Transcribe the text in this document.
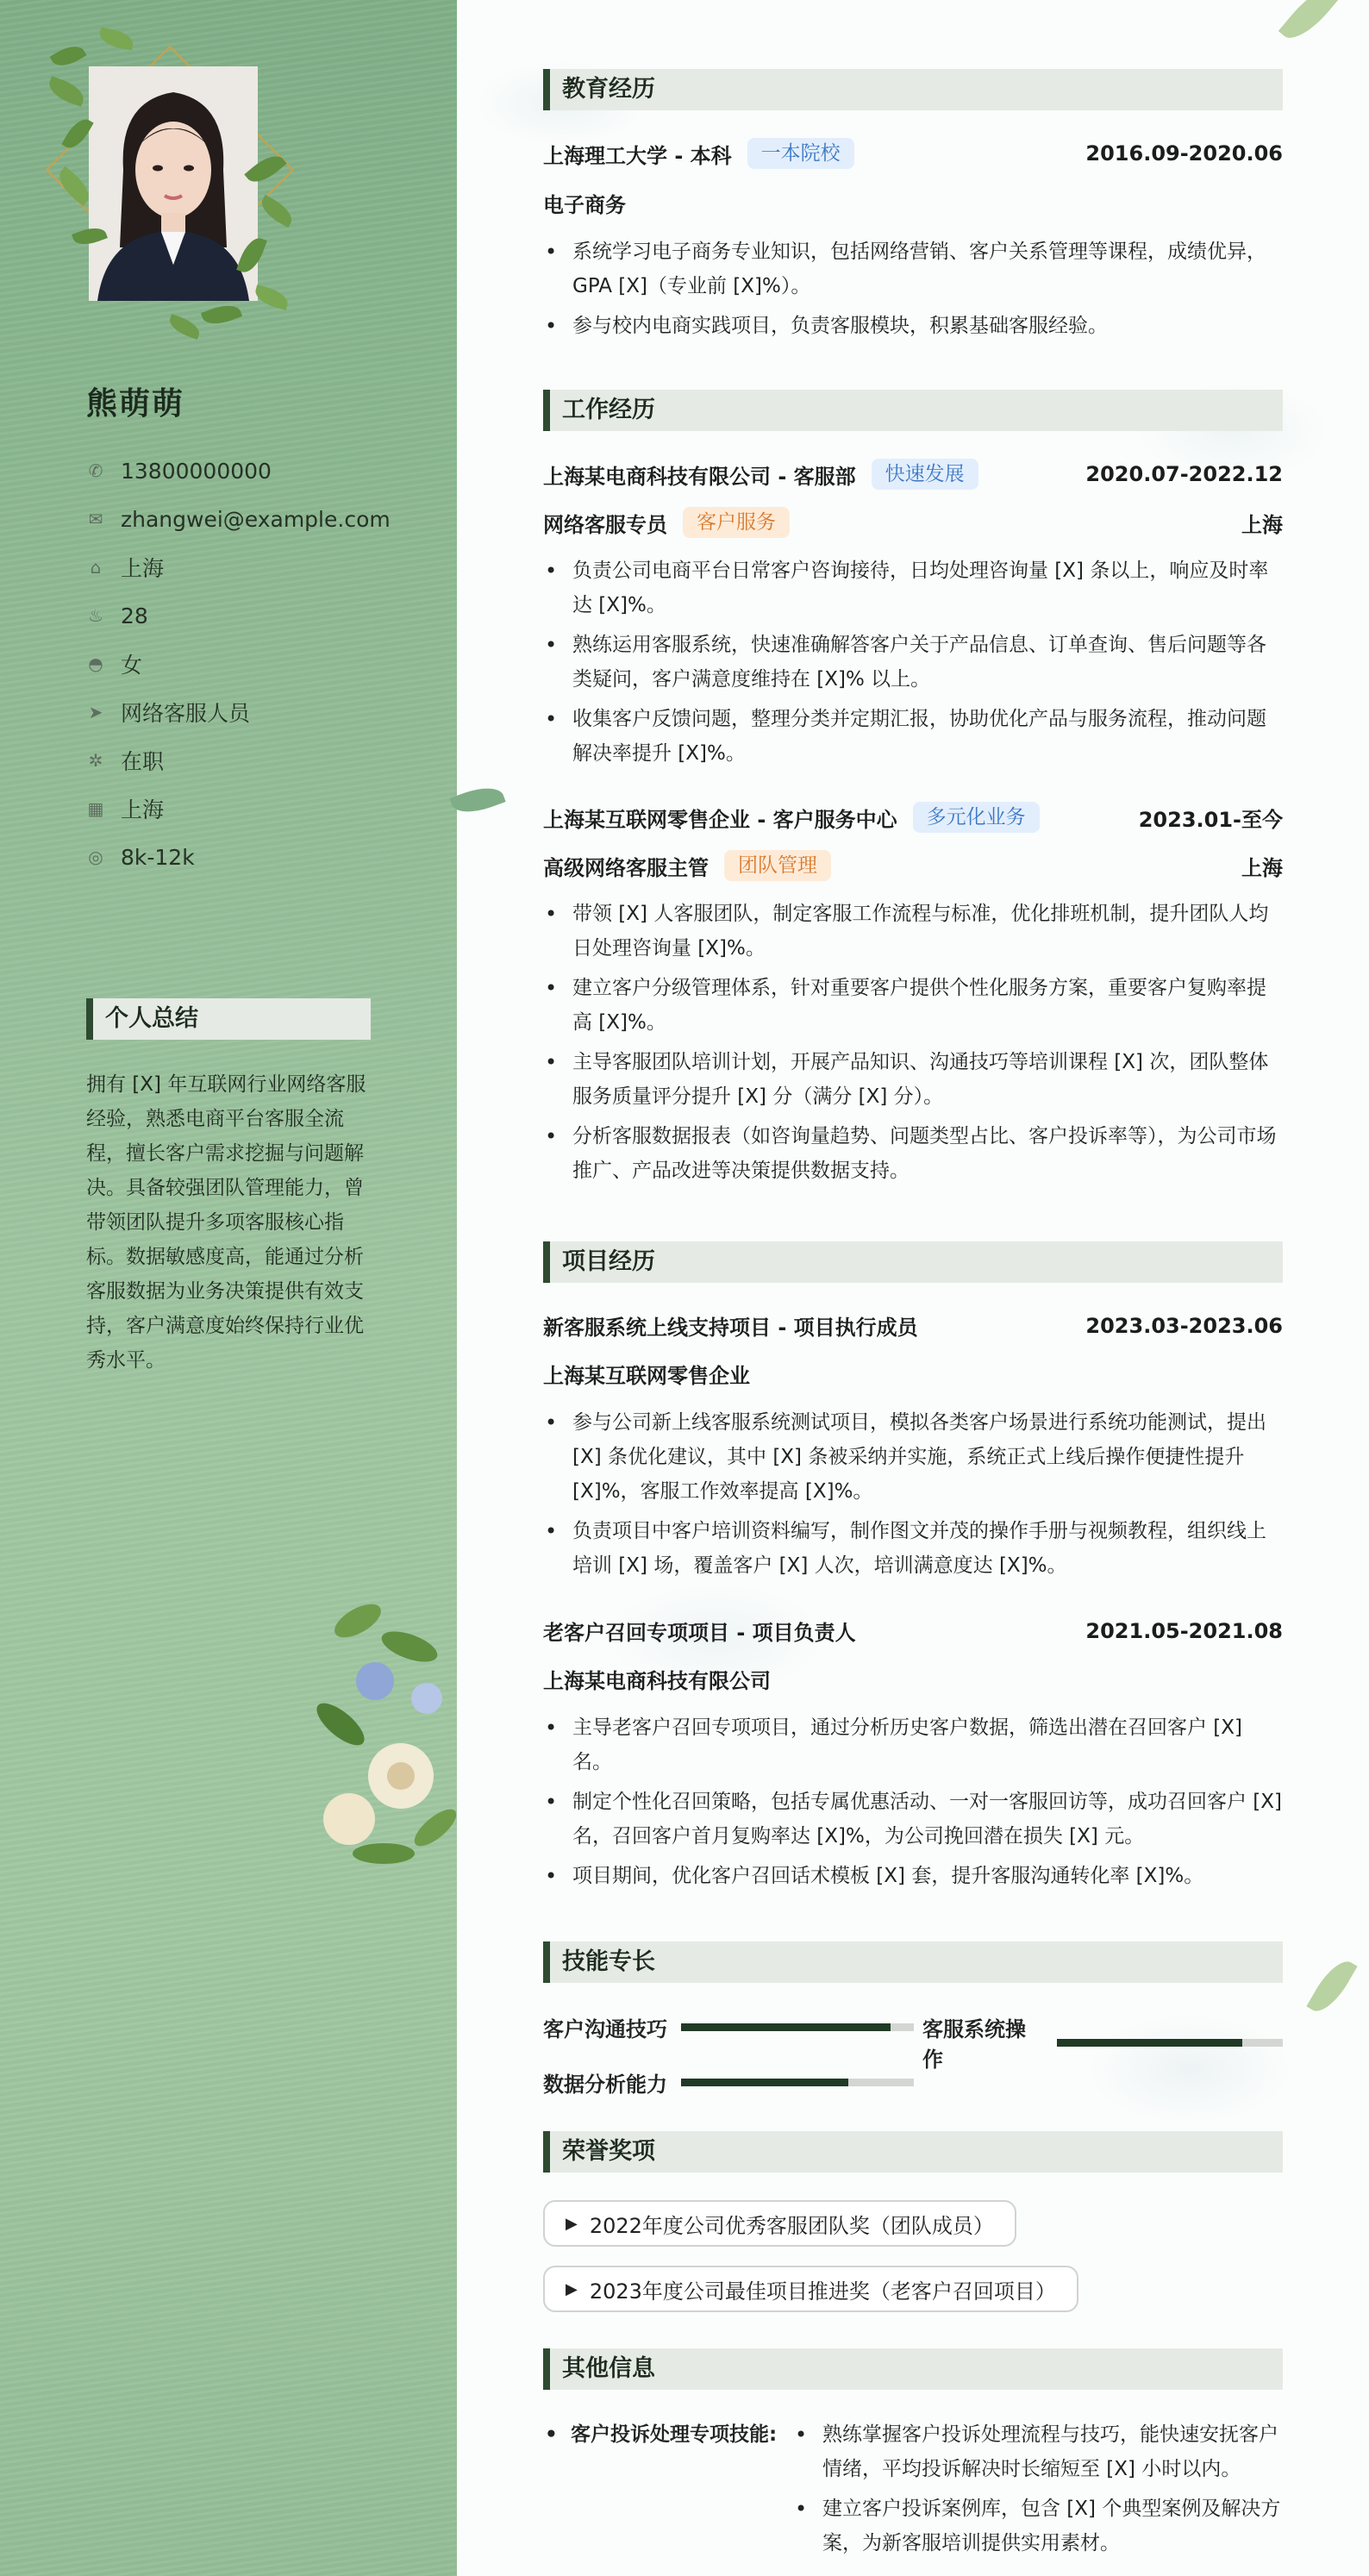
熊萌萌
✆ 13800000000
✉ zhangwei@example.com
⌂ 上海
♨ 28
◓ 女
➤ 网络客服人员
✲ 在职
▦ 上海
◎ 8k-12k
个人总结
拥有 [X] 年互联网行业网络客服经验，熟悉电商平台客服全流程，擅长客户需求挖掘与问题解决。具备较强团队管理能力，曾带领团队提升多项客服核心指标。数据敏感度高，能通过分析客服数据为业务决策提供有效支持，客户满意度始终保持行业优秀水平。
教育经历
上海理工大学 - 本科	一本院校	2016.09-2020.06
电子商务
• 系统学习电子商务专业知识，包括网络营销、客户关系管理等课程，成绩优异，GPA [X]（专业前 [X]%）。
• 参与校内电商实践项目，负责客服模块，积累基础客服经验。
工作经历
上海某电商科技有限公司 - 客服部	快速发展	2020.07-2022.12
网络客服专员	客户服务	上海
• 负责公司电商平台日常客户咨询接待，日均处理咨询量 [X] 条以上，响应及时率达 [X]%。
• 熟练运用客服系统，快速准确解答客户关于产品信息、订单查询、售后问题等各类疑问，客户满意度维持在 [X]% 以上。
• 收集客户反馈问题，整理分类并定期汇报，协助优化产品与服务流程，推动问题解决率提升 [X]%。
上海某互联网零售企业 - 客户服务中心	多元化业务	2023.01-至今
高级网络客服主管	团队管理	上海
• 带领 [X] 人客服团队，制定客服工作流程与标准，优化排班机制，提升团队人均日处理咨询量 [X]%。
• 建立客户分级管理体系，针对重要客户提供个性化服务方案，重要客户复购率提高 [X]%。
• 主导客服团队培训计划，开展产品知识、沟通技巧等培训课程 [X] 次，团队整体服务质量评分提升 [X] 分（满分 [X] 分）。
• 分析客服数据报表（如咨询量趋势、问题类型占比、客户投诉率等），为公司市场推广、产品改进等决策提供数据支持。
项目经历
新客服系统上线支持项目 - 项目执行成员	2023.03-2023.06
上海某互联网零售企业
• 参与公司新上线客服系统测试项目，模拟各类客户场景进行系统功能测试，提出 [X] 条优化建议，其中 [X] 条被采纳并实施，系统正式上线后操作便捷性提升 [X]%，客服工作效率提高 [X]%。
• 负责项目中客户培训资料编写，制作图文并茂的操作手册与视频教程，组织线上培训 [X] 场，覆盖客户 [X] 人次，培训满意度达 [X]%。
老客户召回专项项目 - 项目负责人	2021.05-2021.08
上海某电商科技有限公司
• 主导老客户召回专项项目，通过分析历史客户数据，筛选出潜在召回客户 [X] 名。
• 制定个性化召回策略，包括专属优惠活动、一对一客服回访等，成功召回客户 [X] 名，召回客户首月复购率达 [X]%，为公司挽回潜在损失 [X] 元。
• 项目期间，优化客户召回话术模板 [X] 套，提升客服沟通转化率 [X]%。
技能专长
客户沟通技巧	客服系统操作
数据分析能力
荣誉奖项
▶ 2022年度公司优秀客服团队奖（团队成员）
▶ 2023年度公司最佳项目推进奖（老客户召回项目）
其他信息
• 客户投诉处理专项技能:
•	熟练掌握客户投诉处理流程与技巧，能快速安抚客户情绪，平均投诉解决时长缩短至 [X] 小时以内。
• 建立客户投诉案例库，包含 [X] 个典型案例及解决方案，为新客服培训提供实用素材。
